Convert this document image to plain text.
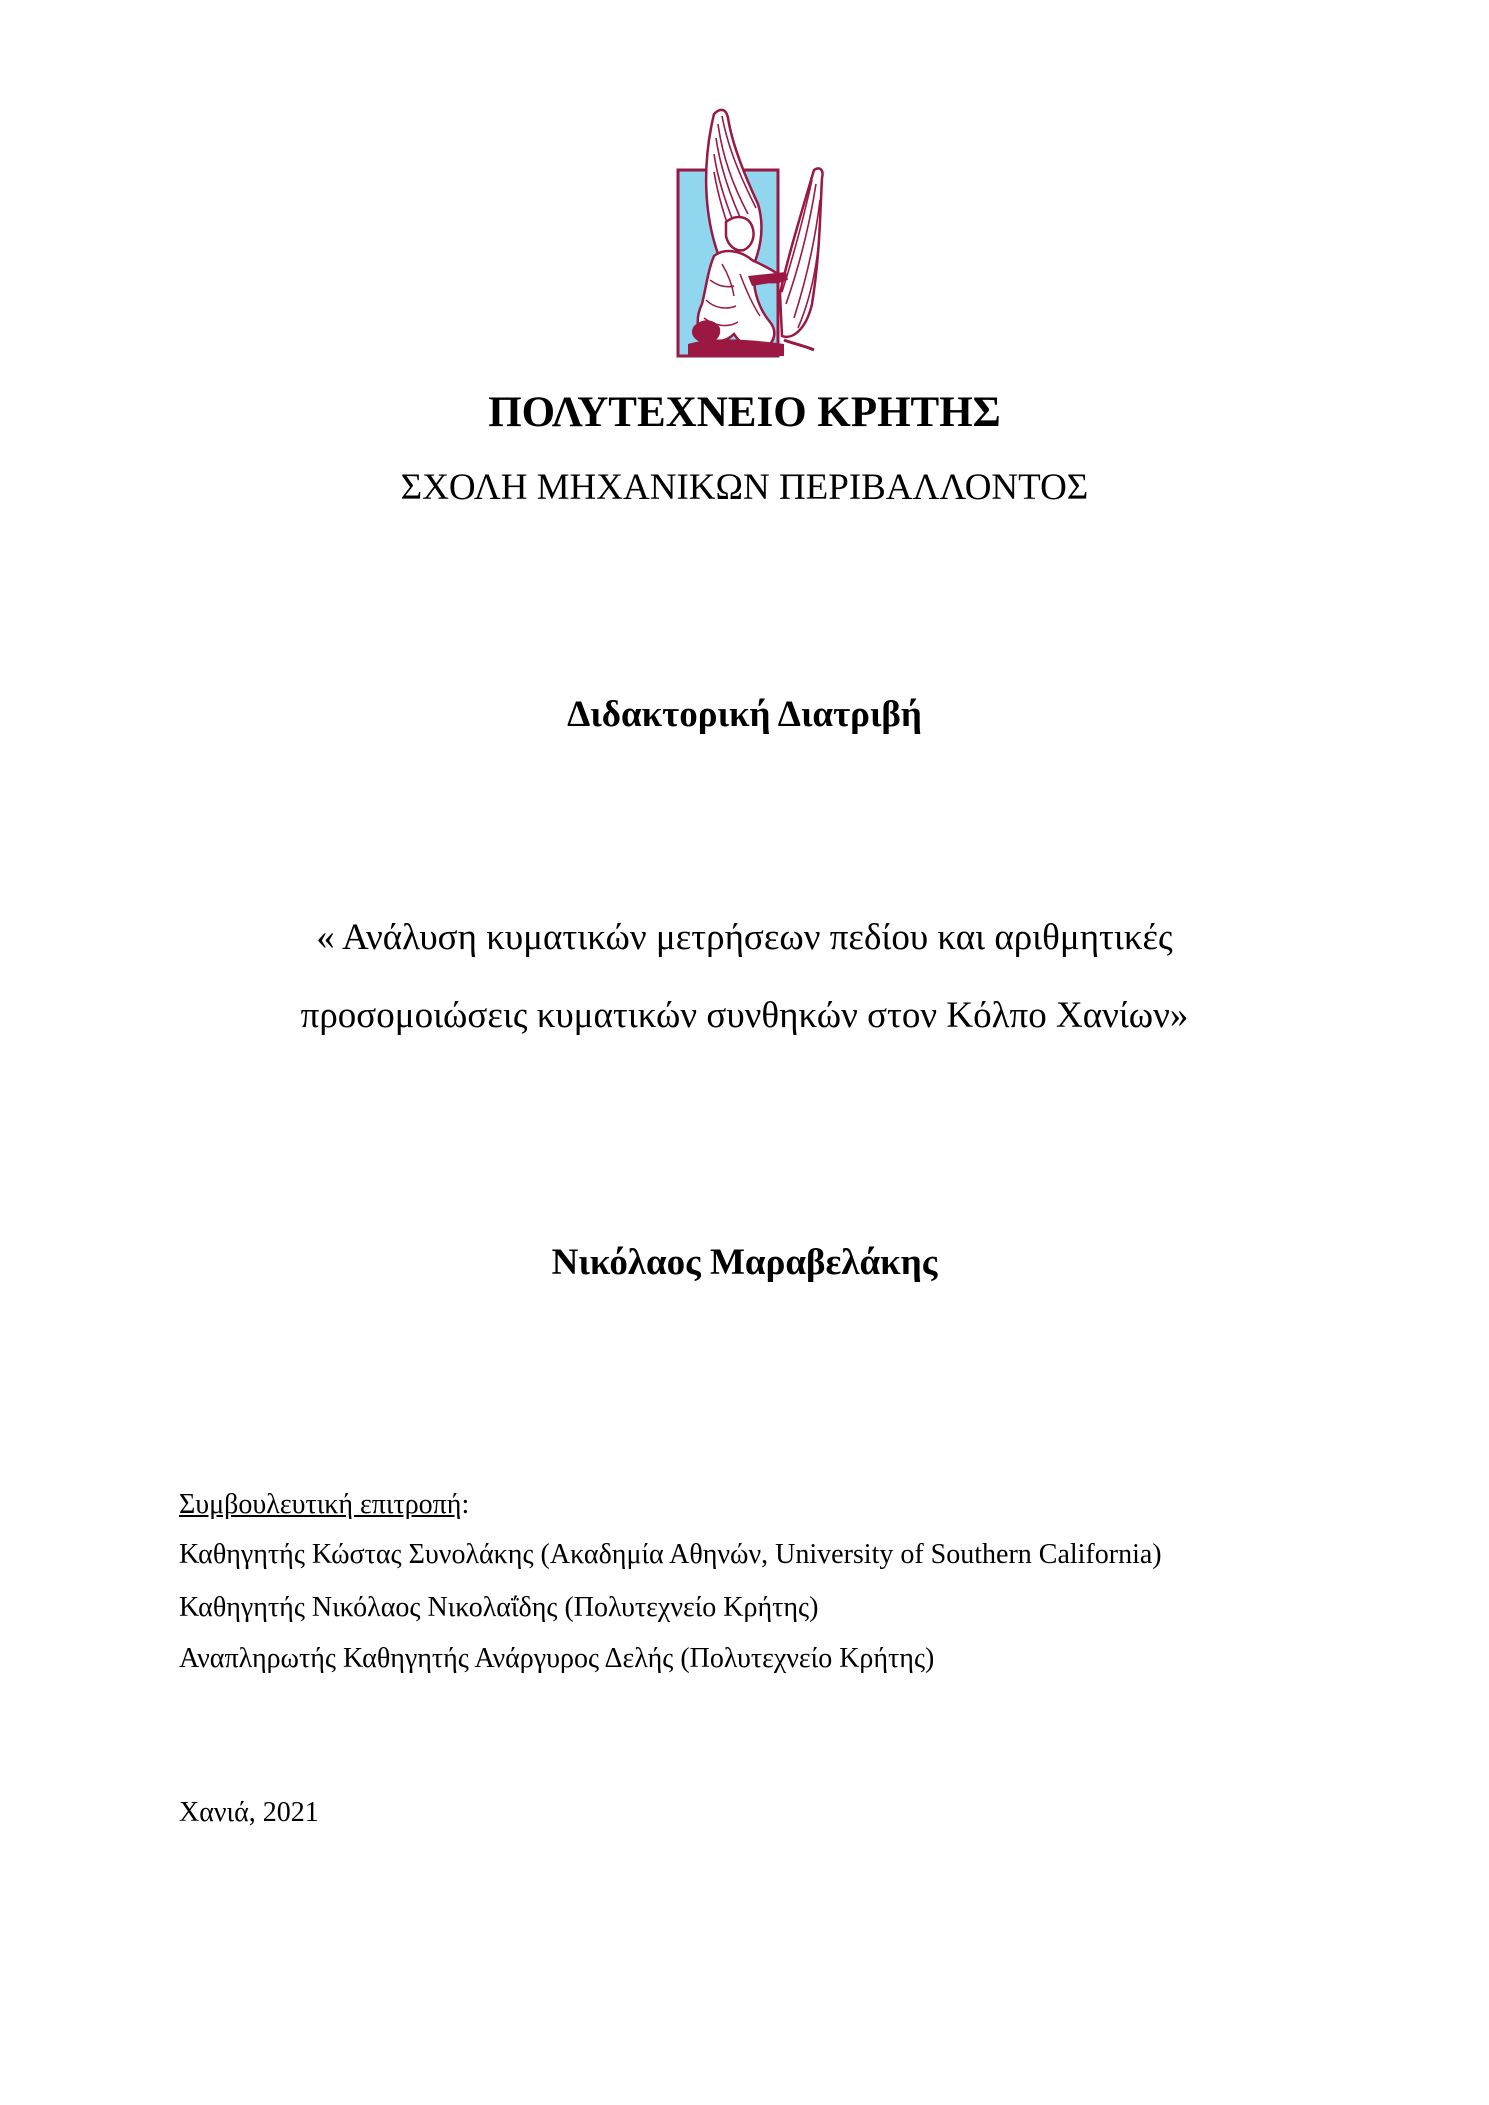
ΠΟΛΥΤΕΧΝΕΙΟ ΚΡΗΤΗΣ
ΣΧΟΛΗ ΜΗΧΑΝΙΚΩΝ ΠΕΡΙΒΑΛΛΟΝΤΟΣ
Διδακτορική Διατριβή
« Ανάλυση κυματικών μετρήσεων πεδίου και αριθμητικές
προσομοιώσεις κυματικών συνθηκών στον Κόλπο Χανίων»
Νικόλαος Μαραβελάκης
Συμβουλευτική επιτροπή:
Καθηγητής Κώστας Συνολάκης (Ακαδημία Αθηνών, University of Southern California)
Καθηγητής Νικόλαος Νικολαΐδης (Πολυτεχνείο Κρήτης)
Αναπληρωτής Καθηγητής Ανάργυρος Δελής (Πολυτεχνείο Κρήτης)
Χανιά, 2021
